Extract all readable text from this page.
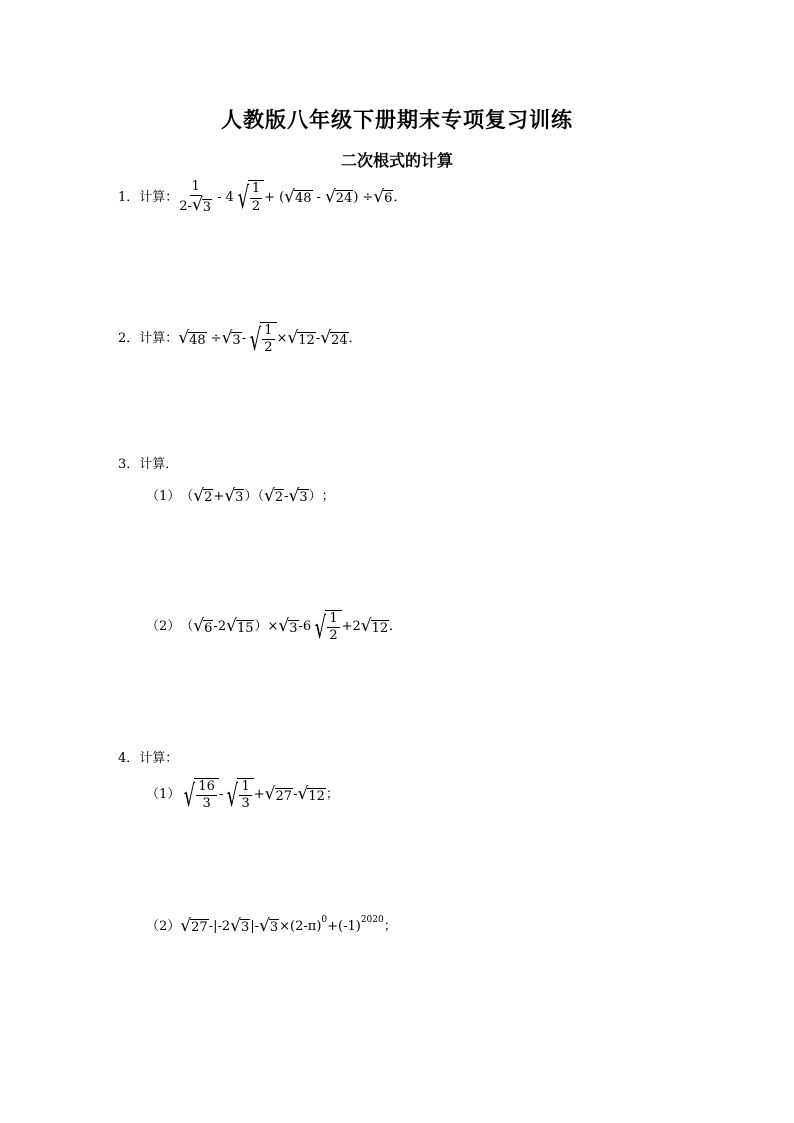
人教版八年级下册期末专项复习训练
二次根式的计算
1．计算： $\frac{1}{2- √ 3} - 4$ √ $\frac{1}{2}$ + ( √ 48 - √ 24 ) ÷ √ 6 ．
2．计算： √ 48 ÷ √ 3 - √ $\frac{1}{2}$ × √ 12 - √ 24 ．
3．计算．
（1） （ √ 2 + √ 3 ）（ √ 2 - √ 3 ） ；
（2） （ √ 6 -2 √ 15 ）× √ 3 -6 √ $\frac{1}{2} +2$ √ 12 ．
4．计算：
（1） √ $\frac{16}{3}$ - √ $\frac{1}{3}$ + √ 27 - √ 12 ；
（2） √ 27 -|-2 √ 3 |- √ $3 \times(2-\pi)^0 +(-1)^{2020}$ ；
